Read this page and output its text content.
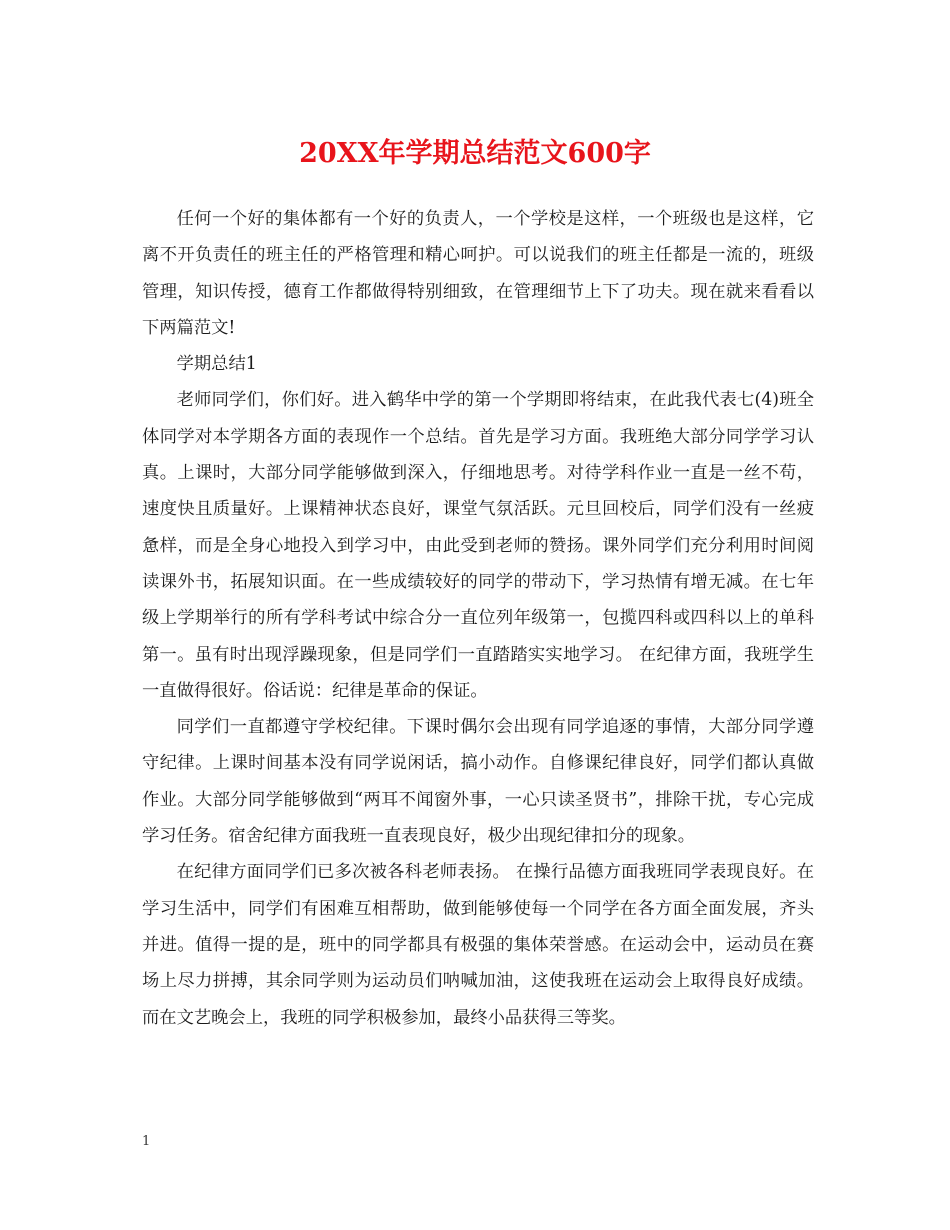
20XX年学期总结范文600字

任何一个好的集体都有一个好的负责人，一个学校是这样，一个班级也是这样，它离不开负责任的班主任的严格管理和精心呵护。可以说我们的班主任都是一流的，班级管理，知识传授，德育工作都做得特别细致，在管理细节上下了功夫。现在就来看看以下两篇范文!

学期总结1

老师同学们，你们好。进入鹤华中学的第一个学期即将结束，在此我代表七(4)班全体同学对本学期各方面的表现作一个总结。首先是学习方面。我班绝大部分同学学习认真。上课时，大部分同学能够做到深入，仔细地思考。对待学科作业一直是一丝不苟，速度快且质量好。上课精神状态良好，课堂气氛活跃。元旦回校后，同学们没有一丝疲惫样，而是全身心地投入到学习中，由此受到老师的赞扬。课外同学们充分利用时间阅读课外书，拓展知识面。在一些成绩较好的同学的带动下，学习热情有增无减。在七年级上学期举行的所有学科考试中综合分一直位列年级第一，包揽四科或四科以上的单科第一。虽有时出现浮躁现象，但是同学们一直踏踏实实地学习。 在纪律方面，我班学生一直做得很好。俗话说：纪律是革命的保证。

同学们一直都遵守学校纪律。下课时偶尔会出现有同学追逐的事情，大部分同学遵守纪律。上课时间基本没有同学说闲话，搞小动作。自修课纪律良好，同学们都认真做作业。大部分同学能够做到“两耳不闻窗外事，一心只读圣贤书”，排除干扰，专心完成学习任务。宿舍纪律方面我班一直表现良好，极少出现纪律扣分的现象。

在纪律方面同学们已多次被各科老师表扬。 在操行品德方面我班同学表现良好。在学习生活中，同学们有困难互相帮助，做到能够使每一个同学在各方面全面发展，齐头并进。值得一提的是，班中的同学都具有极强的集体荣誉感。在运动会中，运动员在赛场上尽力拼搏，其余同学则为运动员们呐喊加油，这使我班在运动会上取得良好成绩。而在文艺晚会上，我班的同学积极参加，最终小品获得三等奖。

1
